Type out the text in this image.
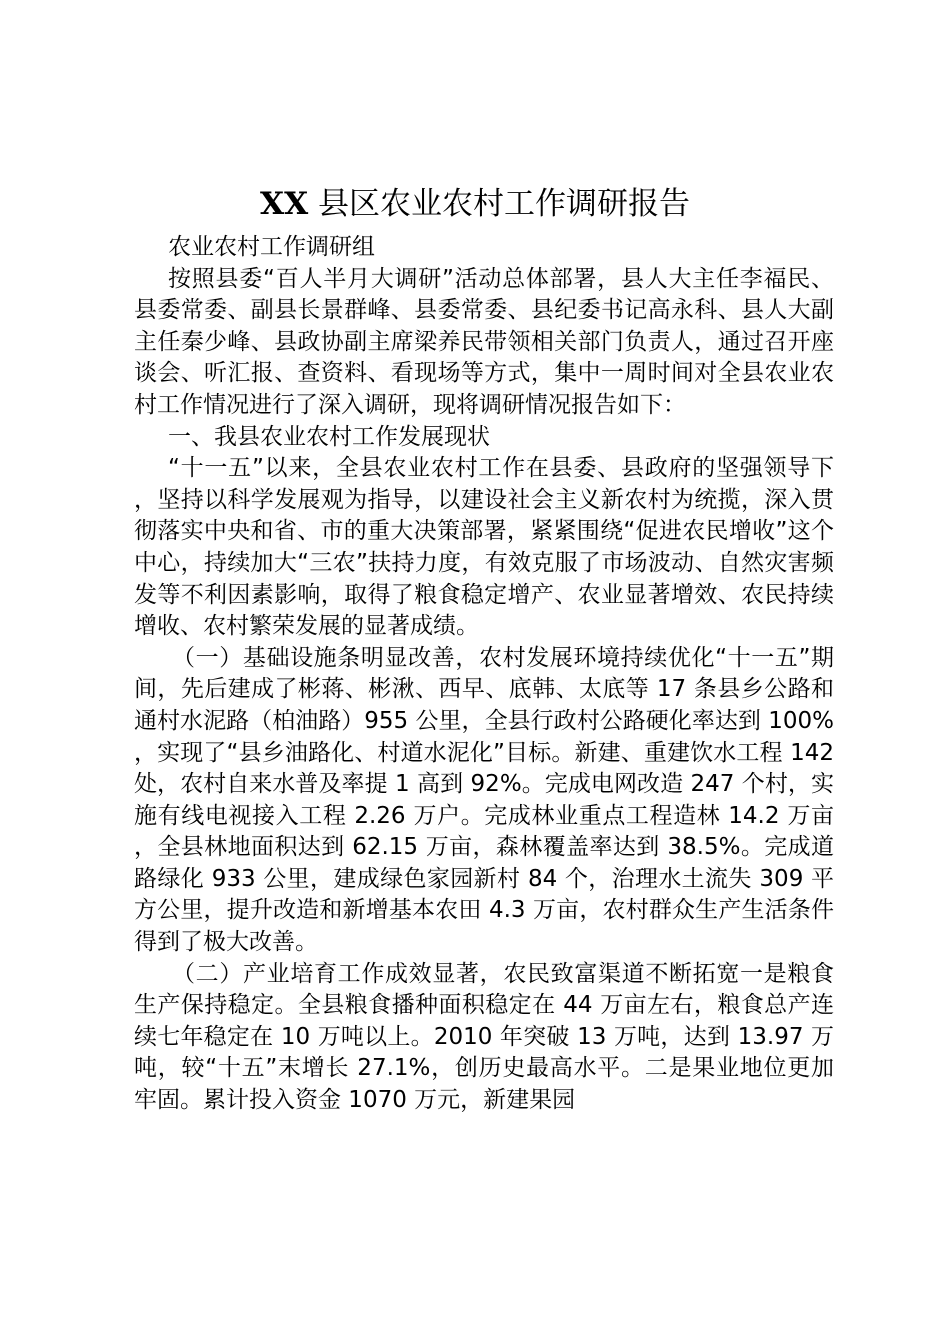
XX 县区农业农村工作调研报告

农业农村工作调研组

按照县委“百人半月大调研”活动总体部署，县人大主任李福民、县委常委、副县长景群峰、县委常委、县纪委书记高永科、县人大副主任秦少峰、县政协副主席梁养民带领相关部门负责人，通过召开座谈会、听汇报、查资料、看现场等方式，集中一周时间对全县农业农村工作情况进行了深入调研，现将调研情况报告如下：

一、我县农业农村工作发展现状

“十一五”以来，全县农业农村工作在县委、县政府的坚强领导下，坚持以科学发展观为指导，以建设社会主义新农村为统揽，深入贯彻落实中央和省、市的重大决策部署，紧紧围绕“促进农民增收”这个中心，持续加大“三农”扶持力度，有效克服了市场波动、自然灾害频发等不利因素影响，取得了粮食稳定增产、农业显著增效、农民持续增收、农村繁荣发展的显著成绩。

（一）基础设施条明显改善，农村发展环境持续优化“十一五”期间，先后建成了彬蒋、彬湫、西早、底韩、太底等 17 条县乡公路和通村水泥路（柏油路）955 公里，全县行政村公路硬化率达到 100%，实现了“县乡油路化、村道水泥化”目标。新建、重建饮水工程 142 处，农村自来水普及率提 1 高到 92%。完成电网改造 247 个村，实施有线电视接入工程 2.26 万户。完成林业重点工程造林 14.2 万亩，全县林地面积达到 62.15 万亩，森林覆盖率达到 38.5%。完成道路绿化 933 公里，建成绿色家园新村 84 个，治理水土流失 309 平方公里，提升改造和新增基本农田 4.3 万亩，农村群众生产生活条件得到了极大改善。

（二）产业培育工作成效显著，农民致富渠道不断拓宽一是粮食生产保持稳定。全县粮食播种面积稳定在 44 万亩左右，粮食总产连续七年稳定在 10 万吨以上。2010 年突破 13 万吨，达到 13.97 万吨，较“十五”末增长 27.1%，创历史最高水平。二是果业地位更加牢固。累计投入资金 1070 万元，新建果园
